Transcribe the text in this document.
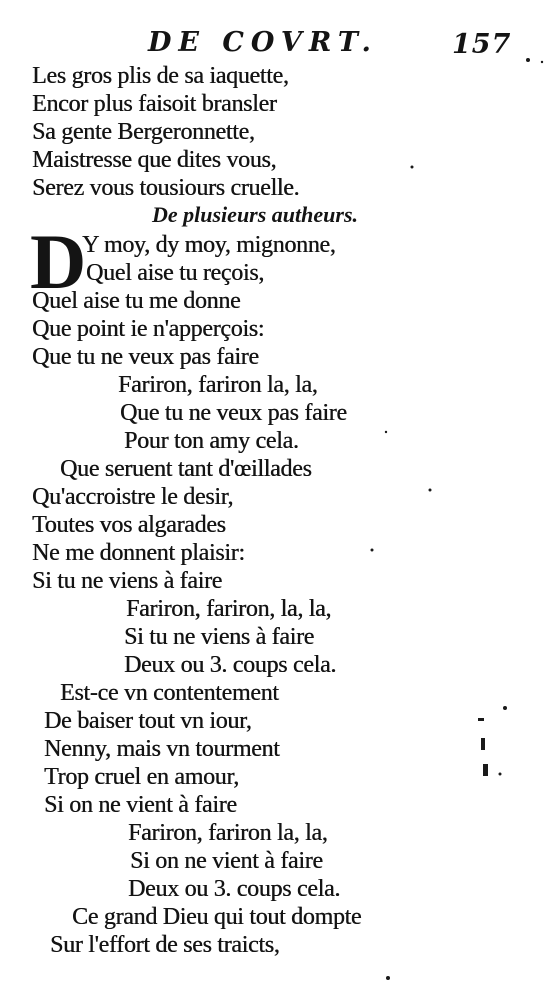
DE COVRT.	157
Les gros plis de sa iaquette,
Encor plus faisoit bransler
Sa gente Bergeronnette,
Maistresse que dites vous,
Serez vous tousiours cruelle.
De plusieurs autheurs.
D
Y moy, dy moy, mignonne,
Quel aise tu reçois,
Quel aise tu me donne
Que point ie n'apperçois:
Que tu ne veux pas faire
Fariron, fariron la, la,
Que tu ne veux pas faire
Pour ton amy cela.
Que seruent tant d'œillades
Qu'accroistre le desir,
Toutes vos algarades
Ne me donnent plaisir:
Si tu ne viens à faire
Fariron, fariron, la, la,
Si tu ne viens à faire
Deux ou 3. coups cela.
Est-ce vn contentement
De baiser tout vn iour,
Nenny, mais vn tourment
Trop cruel en amour,
Si on ne vient à faire
Fariron, fariron la, la,
Si on ne vient à faire
Deux ou 3. coups cela.
Ce grand Dieu qui tout dompte
Sur l'effort de ses traicts,
